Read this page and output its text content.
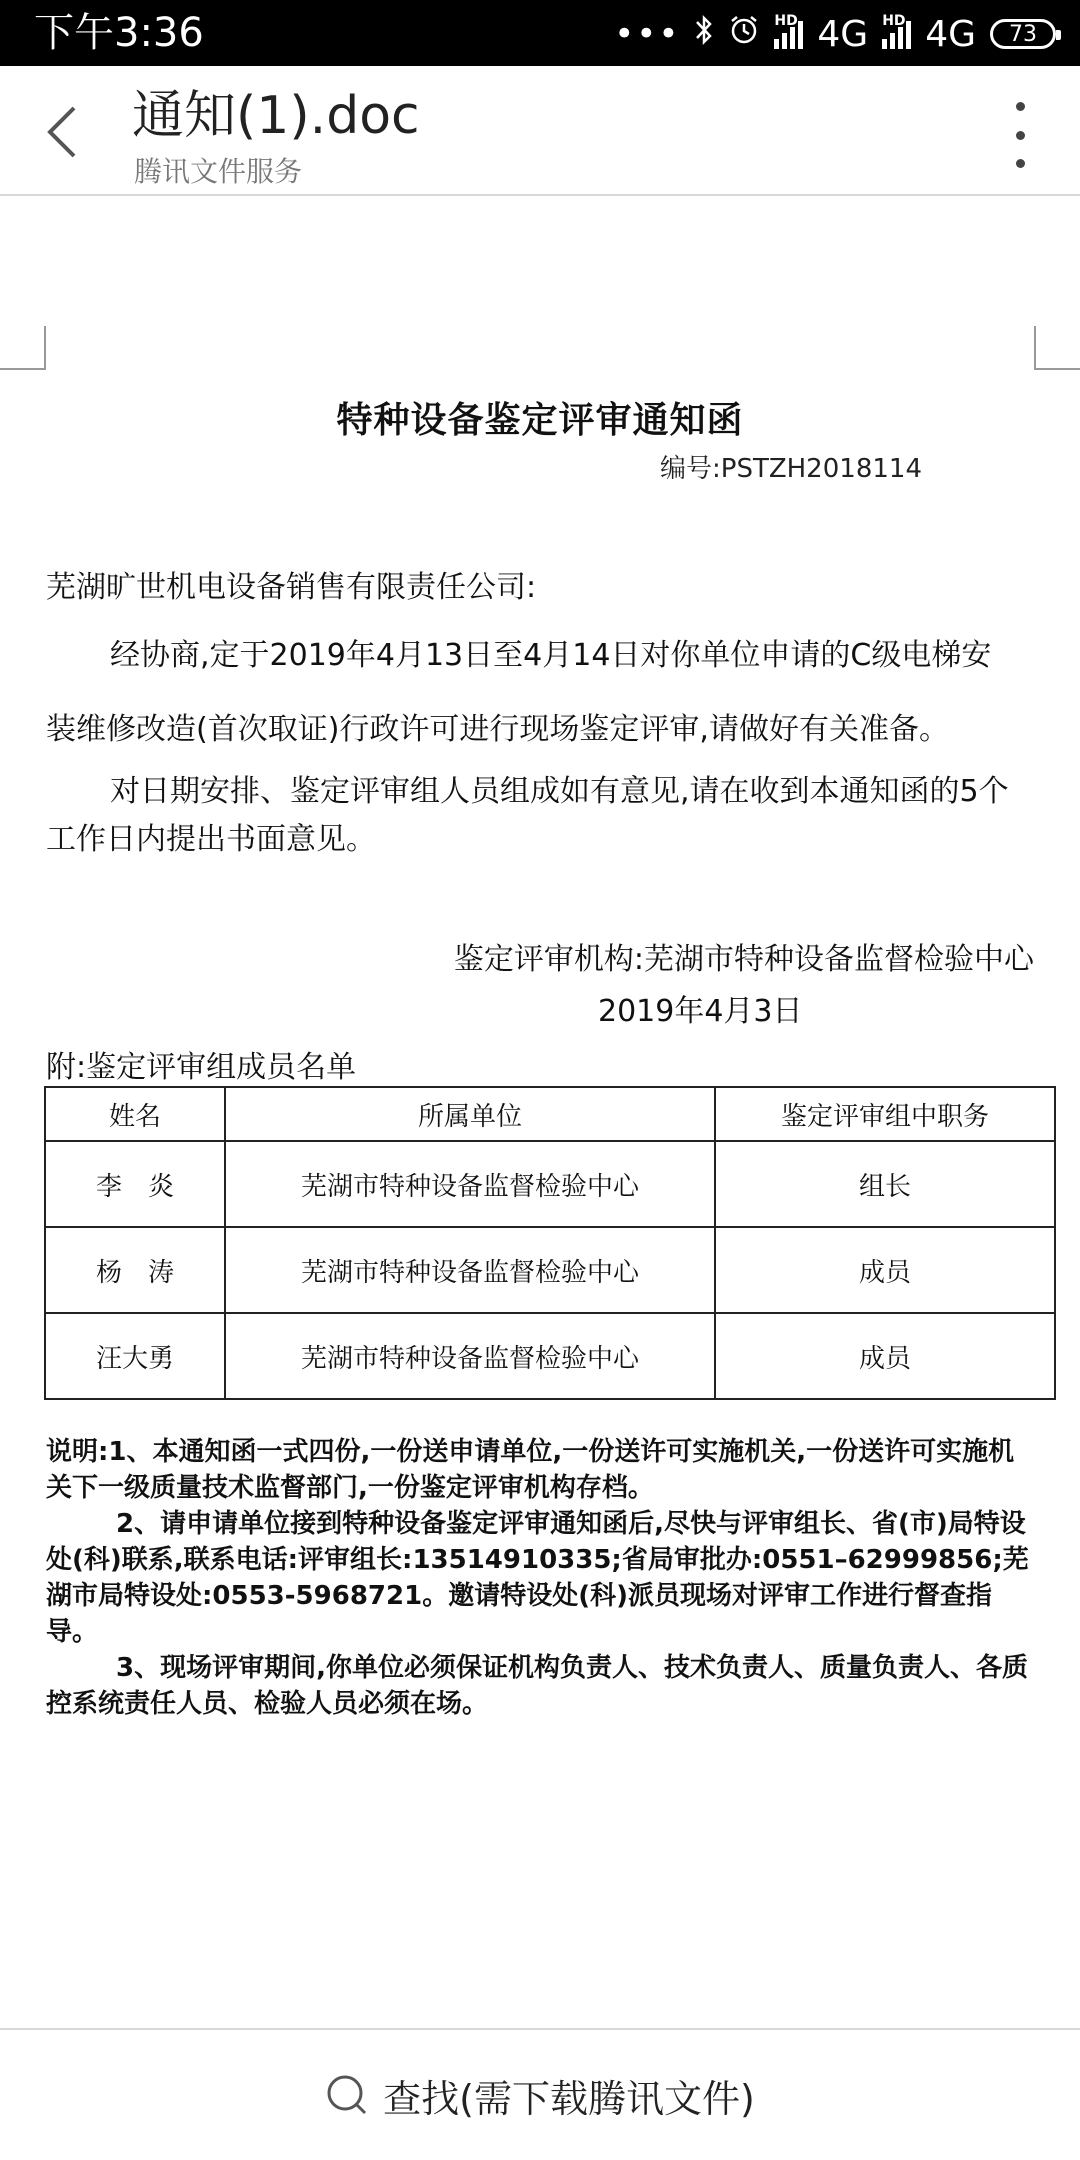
下午3:36	•••	HD 4G HD 4G 73
通知(1).doc
腾讯文件服务
特种设备鉴定评审通知函
编号:PSTZH2018114
芜湖旷世机电设备销售有限责任公司:
经协商,定于2019年4月13日至4月14日对你单位申请的C级电梯安
装维修改造(首次取证)行政许可进行现场鉴定评审,请做好有关准备。
对日期安排、鉴定评审组人员组成如有意见,请在收到本通知函的5个工作日内提出书面意见。
鉴定评审机构:芜湖市特种设备监督检验中心
2019年4月3日
附:鉴定评审组成员名单
姓名	所属单位	鉴定评审组中职务
李　炎	芜湖市特种设备监督检验中心	组长
杨　涛	芜湖市特种设备监督检验中心	成员
汪大勇	芜湖市特种设备监督检验中心	成员

说明:1、本通知函一式四份,一份送申请单位,一份送许可实施机关,一份送许可实施机关下一级质量技术监督部门,一份鉴定评审机构存档。

2、请申请单位接到特种设备鉴定评审通知函后,尽快与评审组长、省(市)局特设处(科)联系,联系电话:评审组长:13514910335;省局审批办:0551–62999856;芜湖市局特设处:0553-5968721。邀请特设处(科)派员现场对评审工作进行督查指导。

3、现场评审期间,你单位必须保证机构负责人、技术负责人、质量负责人、各质控系统责任人员、检验人员必须在场。

查找(需下载腾讯文件)
